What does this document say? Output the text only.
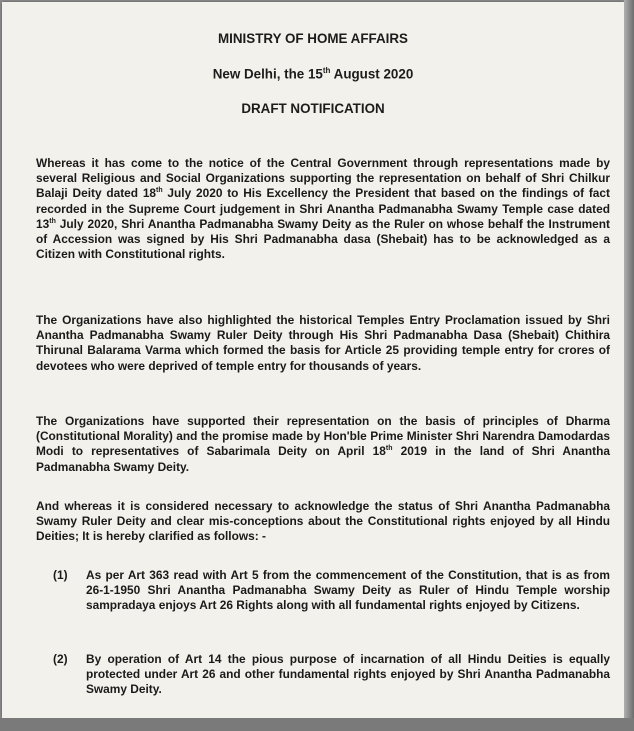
MINISTRY OF HOME AFFAIRS
New Delhi, the 15th August 2020
DRAFT NOTIFICATION
Whereas it has come to the notice of the Central Government through representations made by several Religious and Social Organizations supporting the representation on behalf of Shri Chilkur Balaji Deity dated 18th July 2020 to His Excellency the President that based on the findings of fact recorded in the Supreme Court judgement in Shri Anantha Padmanabha Swamy Temple case dated 13th July 2020, Shri Anantha Padmanabha Swamy Deity as the Ruler on whose behalf the Instrument of Accession was signed by His Shri Padmanabha dasa (Shebait) has to be acknowledged as a Citizen with Constitutional rights.
The Organizations have also highlighted the historical Temples Entry Proclamation issued by Shri Anantha Padmanabha Swamy Ruler Deity through His Shri Padmanabha Dasa (Shebait) Chithira Thirunal Balarama Varma which formed the basis for Article 25 providing temple entry for crores of devotees who were deprived of temple entry for thousands of years.
The Organizations have supported their representation on the basis of principles of Dharma (Constitutional Morality) and the promise made by Hon'ble Prime Minister Shri Narendra Damodardas Modi to representatives of Sabarimala Deity on April 18th 2019 in the land of Shri Anantha Padmanabha Swamy Deity.
And whereas it is considered necessary to acknowledge the status of Shri Anantha Padmanabha Swamy Ruler Deity and clear mis-conceptions about the Constitutional rights enjoyed by all Hindu Deities; It is hereby clarified as follows: -
(1) As per Art 363 read with Art 5 from the commencement of the Constitution, that is as from 26-1-1950 Shri Anantha Padmanabha Swamy Deity as Ruler of Hindu Temple worship sampradaya enjoys Art 26 Rights along with all fundamental rights enjoyed by Citizens.
(2) By operation of Art 14 the pious purpose of incarnation of all Hindu Deities is equally protected under Art 26 and other fundamental rights enjoyed by Shri Anantha Padmanabha Swamy Deity.
